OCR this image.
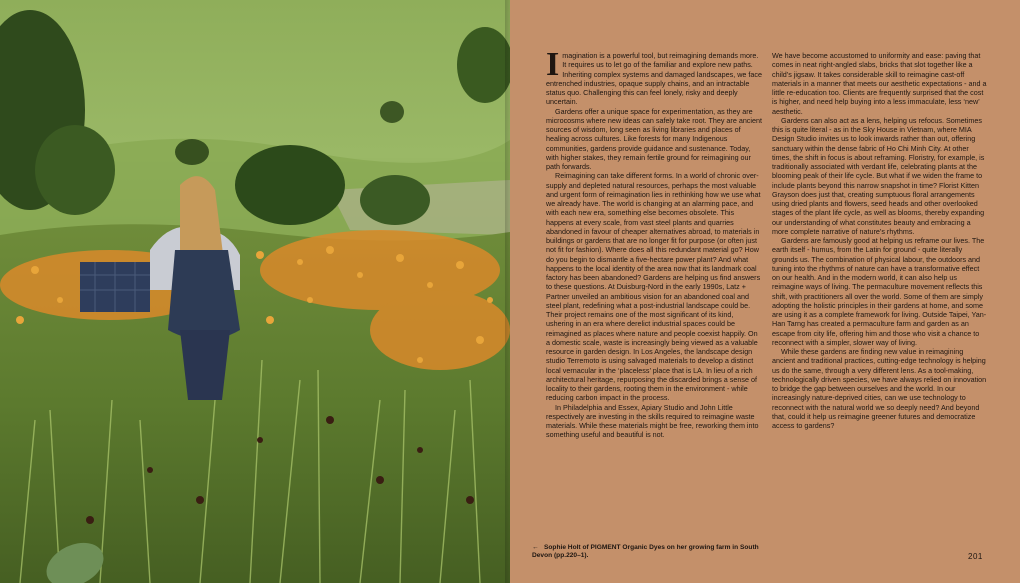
Imagination is a powerful tool, but reimagining demands more. It requires us to let go of the familiar and explore new paths. Inheriting complex systems and damaged landscapes, we face entrenched industries, opaque supply chains, and an intractable status quo. Challenging this can feel lonely, risky and deeply uncertain.

Gardens offer a unique space for experimentation, as they are microcosms where new ideas can safely take root. They are ancient sources of wisdom, long seen as living libraries and places of healing across cultures. Like forests for many Indigenous communities, gardens provide guidance and sustenance. Today, with higher stakes, they remain fertile ground for reimagining our path forwards.

Reimagining can take different forms. In a world of chronic over-supply and depleted natural resources, perhaps the most valuable and urgent form of reimagination lies in rethinking how we use what we already have. The world is changing at an alarming pace, and with each new era, something else becomes obsolete. This happens at every scale, from vast steel plants and quarries abandoned in favour of cheaper alternatives abroad, to materials in buildings or gardens that are no longer fit for purpose (or often just not fit for fashion). Where does all this redundant material go? How do you begin to dismantle a five-hectare power plant? And what happens to the local identity of the area now that its landmark coal factory has been abandoned? Gardens are helping us find answers to these questions. At Duisburg-Nord in the early 1990s, Latz + Partner unveiled an ambitious vision for an abandoned coal and steel plant, redefining what a post-industrial landscape could be. Their project remains one of the most significant of its kind, ushering in an era where derelict industrial spaces could be reimagined as places where nature and people coexist happily. On a domestic scale, waste is increasingly being viewed as a valuable resource in garden design. In Los Angeles, the landscape design studio Terremoto is using salvaged materials to develop a distinct local vernacular in the ‘placeless’ place that is LA. In lieu of a rich architectural heritage, repurposing the discarded brings a sense of locality to their gardens, rooting them in the environment - while reducing carbon impact in the process.

In Philadelphia and Essex, Apiary Studio and John Little respectively are investing in the skills required to reimagine waste materials. While these materials might be free, reworking them into something useful and beautiful is not.

We have become accustomed to uniformity and ease: paving that comes in neat right-angled slabs, bricks that slot together like a child’s jigsaw. It takes considerable skill to reimagine cast-off materials in a manner that meets our aesthetic expectations - and a little re-education too. Clients are frequently surprised that the cost is higher, and need help buying into a less immaculate, less ‘new’ aesthetic.

Gardens can also act as a lens, helping us refocus. Sometimes this is quite literal - as in the Sky House in Vietnam, where MIA Design Studio invites us to look inwards rather than out, offering sanctuary within the dense fabric of Ho Chi Minh City. At other times, the shift in focus is about reframing. Floristry, for example, is traditionally associated with verdant life, celebrating plants at the blooming peak of their life cycle. But what if we widen the frame to include plants beyond this narrow snapshot in time? Florist Kitten Grayson does just that, creating sumptuous floral arrangements using dried plants and flowers, seed heads and other overlooked stages of the plant life cycle, as well as blooms, thereby expanding our understanding of what constitutes beauty and embracing a more complete narrative of nature’s rhythms.

Gardens are famously good at helping us reframe our lives. The earth itself - humus, from the Latin for ground - quite literally grounds us. The combination of physical labour, the outdoors and tuning into the rhythms of nature can have a transformative effect on our health. And in the modern world, it can also help us reimagine ways of living. The permaculture movement reflects this shift, with practitioners all over the world. Some of them are simply adopting the holistic principles in their gardens at home, and some are using it as a complete framework for living. Outside Taipei, Yan-Han Tarng has created a permaculture farm and garden as an escape from city life, offering him and those who visit a chance to reconnect with a simpler, slower way of living.

While these gardens are finding new value in reimagining ancient and traditional practices, cutting-edge technology is helping us do the same, through a very different lens. As a tool-making, technologically driven species, we have always relied on innovation to bridge the gap between ourselves and the world. In our increasingly nature-deprived cities, can we use technology to reconnect with the natural world we so deeply need? And beyond that, could it help us reimagine greener futures and democratize access to gardens?

← Sophie Holt of PIGMENT Organic Dyes on her growing farm in South Devon (pp.220–1).	201
